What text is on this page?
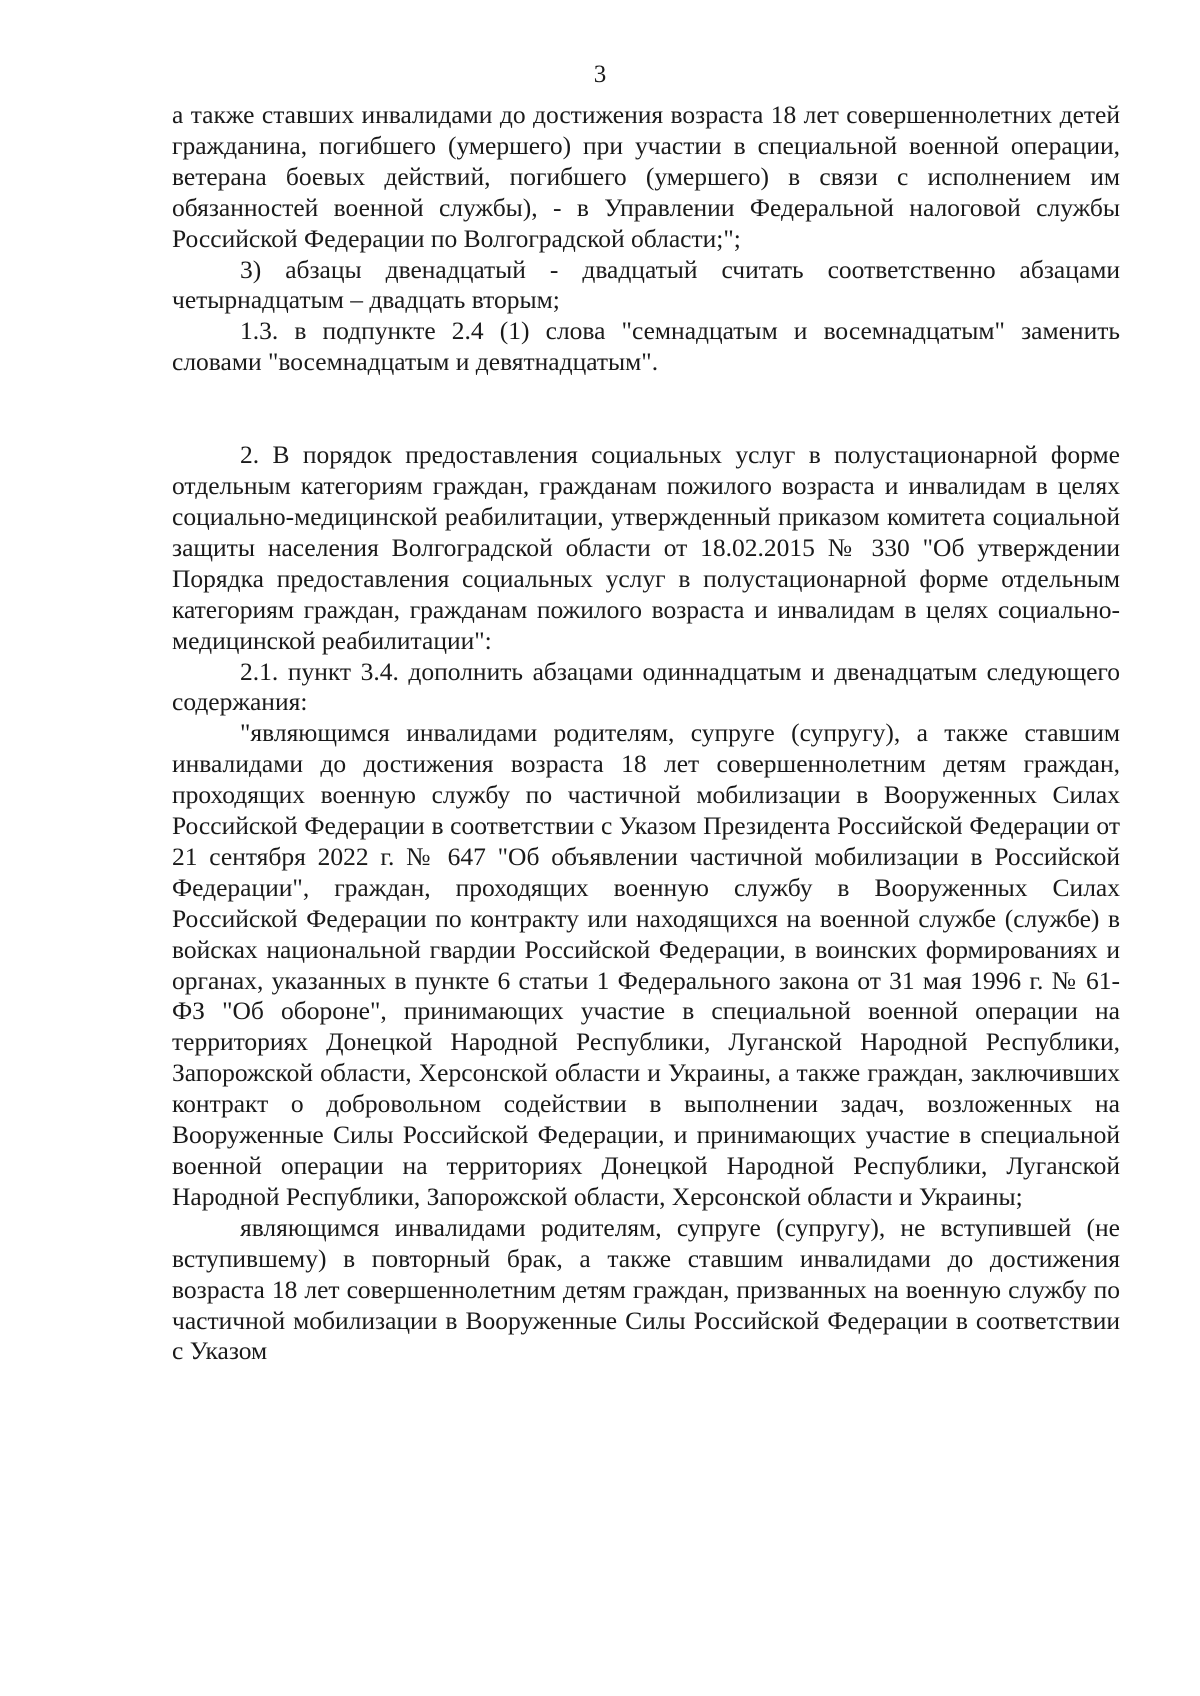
3

а также ставших инвалидами до достижения возраста 18 лет совершеннолетних детей гражданина, погибшего (умершего) при участии в специальной военной операции, ветерана боевых действий, погибшего (умершего) в связи с исполнением им обязанностей военной службы), - в Управлении Федеральной налоговой службы Российской Федерации по Волгоградской области;";

3) абзацы двенадцатый - двадцатый считать соответственно абзацами четырнадцатым – двадцать вторым;

1.3. в подпункте 2.4 (1) слова "семнадцатым и восемнадцатым" заменить словами "восемнадцатым и девятнадцатым".

2. В порядок предоставления социальных услуг в полустационарной форме отдельным категориям граждан, гражданам пожилого возраста и инвалидам в целях социально-медицинской реабилитации, утвержденный приказом комитета социальной защиты населения Волгоградской области от 18.02.2015 № 330 "Об утверждении Порядка предоставления социальных услуг в полустационарной форме отдельным категориям граждан, гражданам пожилого возраста и инвалидам в целях социально-медицинской реабилитации":

2.1. пункт 3.4. дополнить абзацами одиннадцатым и двенадцатым следующего содержания:

"являющимся инвалидами родителям, супруге (супругу), а также ставшим инвалидами до достижения возраста 18 лет совершеннолетним детям граждан, проходящих военную службу по частичной мобилизации в Вооруженных Силах Российской Федерации в соответствии с Указом Президента Российской Федерации от 21 сентября 2022 г. № 647 "Об объявлении частичной мобилизации в Российской Федерации", граждан, проходящих военную службу в Вооруженных Силах Российской Федерации по контракту или находящихся на военной службе (службе) в войсках национальной гвардии Российской Федерации, в воинских формированиях и органах, указанных в пункте 6 статьи 1 Федерального закона от 31 мая 1996 г. № 61-ФЗ "Об обороне", принимающих участие в специальной военной операции на территориях Донецкой Народной Республики, Луганской Народной Республики, Запорожской области, Херсонской области и Украины, а также граждан, заключивших контракт о добровольном содействии в выполнении задач, возложенных на Вооруженные Силы Российской Федерации, и принимающих участие в специальной военной операции на территориях Донецкой Народной Республики, Луганской Народной Республики, Запорожской области, Херсонской области и Украины;

являющимся инвалидами родителям, супруге (супругу), не вступившей (не вступившему) в повторный брак, а также ставшим инвалидами до достижения возраста 18 лет совершеннолетним детям граждан, призванных на военную службу по частичной мобилизации в Вооруженные Силы Российской Федерации в соответствии с Указом
